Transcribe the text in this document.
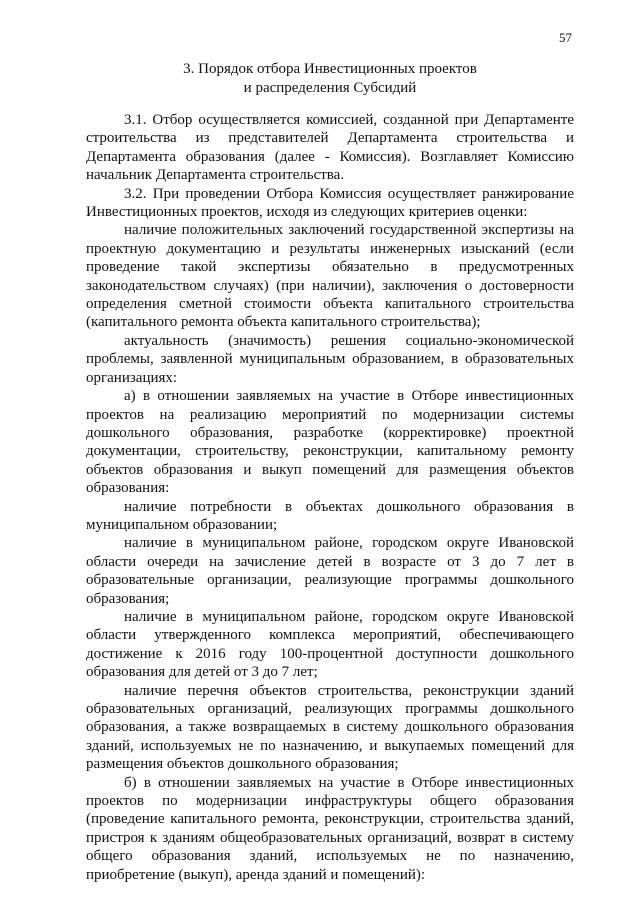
57
3. Порядок отбора Инвестиционных проектов
и распределения Субсидий
3.1. Отбор осуществляется комиссией, созданной при Департаменте
строительства из представителей Департамента строительства и
Департамента образования (далее - Комиссия). Возглавляет Комиссию
начальник Департамента строительства.
3.2. При проведении Отбора Комиссия осуществляет ранжирование
Инвестиционных проектов, исходя из следующих критериев оценки:
наличие положительных заключений государственной экспертизы на
проектную документацию и результаты инженерных изысканий (если
проведение такой экспертизы обязательно в предусмотренных
законодательством случаях) (при наличии), заключения о достоверности
определения сметной стоимости объекта капитального строительства
(капитального ремонта объекта капитального строительства);
актуальность (значимость) решения социально-экономической
проблемы, заявленной муниципальным образованием, в образовательных
организациях:
а) в отношении заявляемых на участие в Отборе инвестиционных
проектов на реализацию мероприятий по модернизации системы
дошкольного образования, разработке (корректировке) проектной
документации, строительству, реконструкции, капитальному ремонту
объектов образования и выкуп помещений для размещения объектов
образования:
наличие потребности в объектах дошкольного образования в
муниципальном образовании;
наличие в муниципальном районе, городском округе Ивановской
области очереди на зачисление детей в возрасте от 3 до 7 лет в
образовательные организации, реализующие программы дошкольного
образования;
наличие в муниципальном районе, городском округе Ивановской
области утвержденного комплекса мероприятий, обеспечивающего
достижение к 2016 году 100-процентной доступности дошкольного
образования для детей от 3 до 7 лет;
наличие перечня объектов строительства, реконструкции зданий
образовательных организаций, реализующих программы дошкольного
образования, а также возвращаемых в систему дошкольного образования
зданий, используемых не по назначению, и выкупаемых помещений для
размещения объектов дошкольного образования;
б) в отношении заявляемых на участие в Отборе инвестиционных
проектов по модернизации инфраструктуры общего образования
(проведение капитального ремонта, реконструкции, строительства зданий,
пристроя к зданиям общеобразовательных организаций, возврат в систему
общего образования зданий, используемых не по назначению,
приобретение (выкуп), аренда зданий и помещений):
